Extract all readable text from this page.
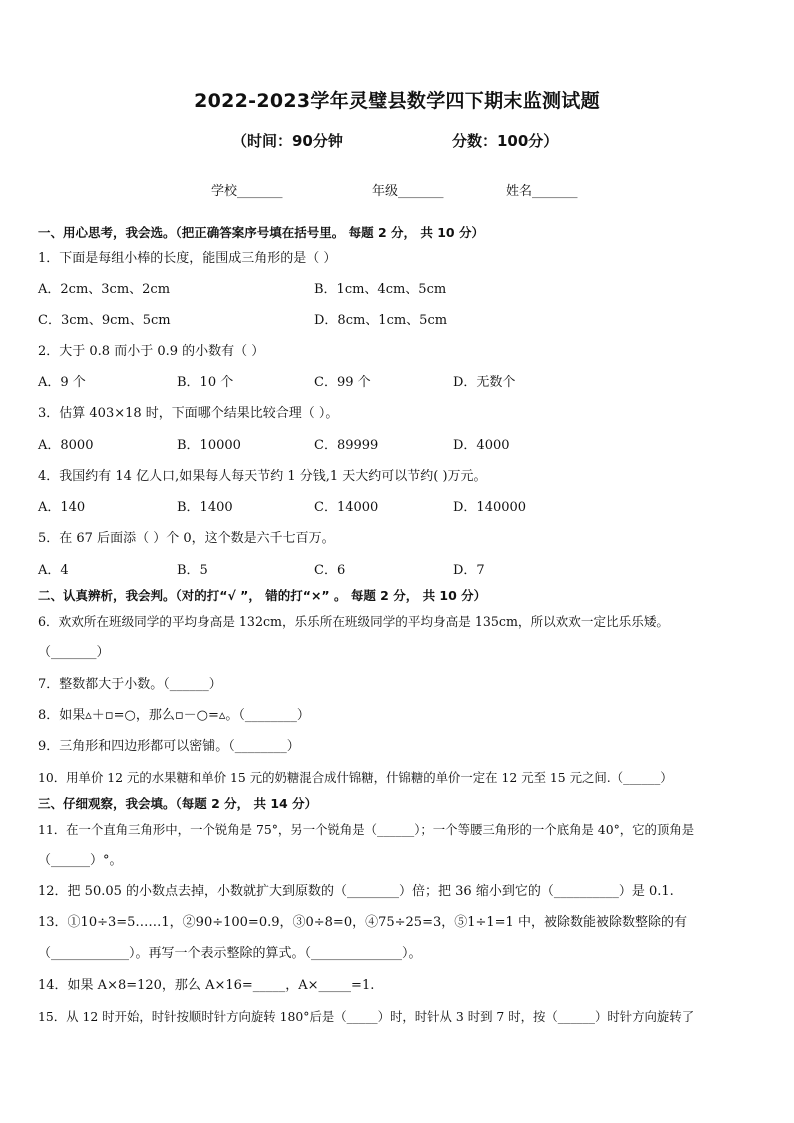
2022-2023学年灵璧县数学四下期末监测试题
（时间：90分钟	分数：100分）
学校_______	年级_______	姓名_______
一、用心思考，我会选。（把正确答案序号填在括号里。 每题 2 分， 共 10 分）
1．下面是每组小棒的长度，能围成三角形的是（ ）
A．2cm、3cm、2cm	B．1cm、4cm、5cm
C．3cm、9cm、5cm	D．8cm、1cm、5cm
2．大于 0.8 而小于 0.9 的小数有（ ）
A．9 个	B．10 个	C．99 个	D．无数个
3．估算 403×18 时，下面哪个结果比较合理（ ）。
A．8000	B．10000	C．89999	D．4000
4．我国约有 14 亿人口,如果每人每天节约 1 分钱,1 天大约可以节约( )万元。
A．140	B．1400	C．14000	D．140000
5．在 67 后面添（ ）个 0，这个数是六千七百万。
A．4	B．5	C．6	D．7
二、认真辨析，我会判。（对的打“√ ”， 错的打“×” 。 每题 2 分， 共 10 分）
6．欢欢所在班级同学的平均身高是 132cm，乐乐所在班级同学的平均身高是 135cm，所以欢欢一定比乐乐矮。
（_______）
7．整数都大于小数。（______）
8．如果▵＋▫=○，那么▫－○=▵。（________）
9．三角形和四边形都可以密铺。（________）
10．用单价 12 元的水果糖和单价 15 元的奶糖混合成什锦糖，什锦糖的单价一定在 12 元至 15 元之间.（______）
三、仔细观察，我会填。（每题 2 分， 共 14 分）
11．在一个直角三角形中，一个锐角是 75°，另一个锐角是（______）；一个等腰三角形的一个底角是 40°，它的顶角是
（______）°。
12．把 50.05 的小数点去掉，小数就扩大到原数的（________）倍；把 36 缩小到它的（__________）是 0.1.
13．①10÷3=5……1，②90÷100=0.9，③0÷8=0，④75÷25=3，⑤1÷1=1 中，被除数能被除数整除的有
（____________）。再写一个表示整除的算式。（______________）。
14．如果 A×8=120，那么 A×16=_____，A×_____=1.
15．从 12 时开始，时针按顺时针方向旋转 180°后是（_____）时，时针从 3 时到 7 时，按（______）时针方向旋转了
